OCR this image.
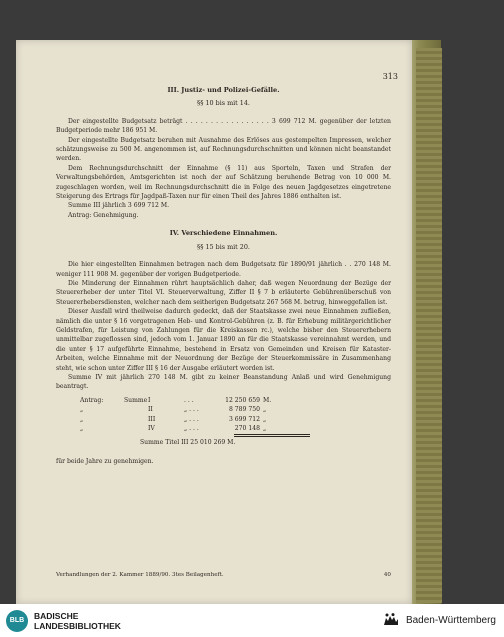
313
III. Justiz- und Polizei-Gefälle.
§§ 10 bis mit 14.

Der eingestellte Budgetsatz beträgt . . . . . . . . . . . . . . . . . 3 699 712 M. gegenüber der letzten Budgetperiode mehr 186 951 M.

Der eingestellte Budgetsatz beruhen mit Ausnahme des Erlöses aus gestempelten Impressen, welcher schätzungsweise zu 500 M. angenommen ist, auf Rechnungsdurchschnitten und können nicht beanstandet werden.

Dem Rechnungsdurchschnitt der Einnahme (§ 11) aus Sporteln, Taxen und Strafen der Verwaltungsbehörden, Amtsgerichten ist noch der auf Schätzung beruhende Betrag von 10 000 M. zugeschlagen worden, weil im Rechnungsdurchschnitt die in Folge des neuen Jagdgesetzes eingetretene Steigerung des Ertrags für Jagdpaß-Taxen nur für einen Theil des Jahres 1886 enthalten ist.

Summe III jährlich 3 699 712 M.

Antrag: Genehmigung.

IV. Verschiedene Einnahmen.
§§ 15 bis mit 20.

Die hier eingestellten Einnahmen betragen nach dem Budgetsatz für 1890/91 jährlich . . 270 148 M. weniger 111 908 M. gegenüber der vorigen Budgetperiode.

Die Minderung der Einnahmen rührt hauptsächlich daher, daß wegen Neuordnung der Bezüge der Steuererheber der unter Titel VI. Steuerverwaltung, Ziffer II § 7 b erläuterte Gebührenüberschuß von Steuererhebersdiensten, welcher nach dem seitherigen Budgetsatz 267 568 M. betrug, hinweggefallen ist.

Dieser Ausfall wird theilweise dadurch gedeckt, daß der Staatskasse zwei neue Einnahmen zufließen, nämlich die unter § 16 vorgetragenen Heb- und Kontrol-Gebühren (z. B. für Erhebung militärgerichtlicher Geldstrafen, für Leistung von Zahlungen für die Kreiskassen rc.), welche bisher den Steuererhebern unmittelbar zugeflossen sind, jedoch vom 1. Januar 1890 an für die Staatskasse vereinnahmt werden, und die unter § 17 aufgeführte Einnahme, bestehend in Ersatz von Gemeinden und Kreisen für Kataster-Arbeiten, welche Einnahme mit der Neuordnung der Bezüge der Steuerkommissäre in Zusammenhang steht, wie schon unter Ziffer III § 16 der Ausgabe erläutert worden ist.

Summe IV mit jährlich 270 148 M. gibt zu keiner Beanstandung Anlaß und wird Genehmigung beantragt.

Antrag:	Summe I	. . .	12 250 659 M.
„	II	„ . . .	8 789 750 „
„	III	„ . . .	3 699 712 „
„	IV	„ . . .	270 148 „
Summe Titel III 25 010 269 M.

für beide Jahre zu genehmigen.

Verhandlungen der 2. Kammer 1889/90. 3tes Beilagenheft.	40
BLB	BADISCHE
LANDESBIBLIOTHEK	Baden-Württemberg
